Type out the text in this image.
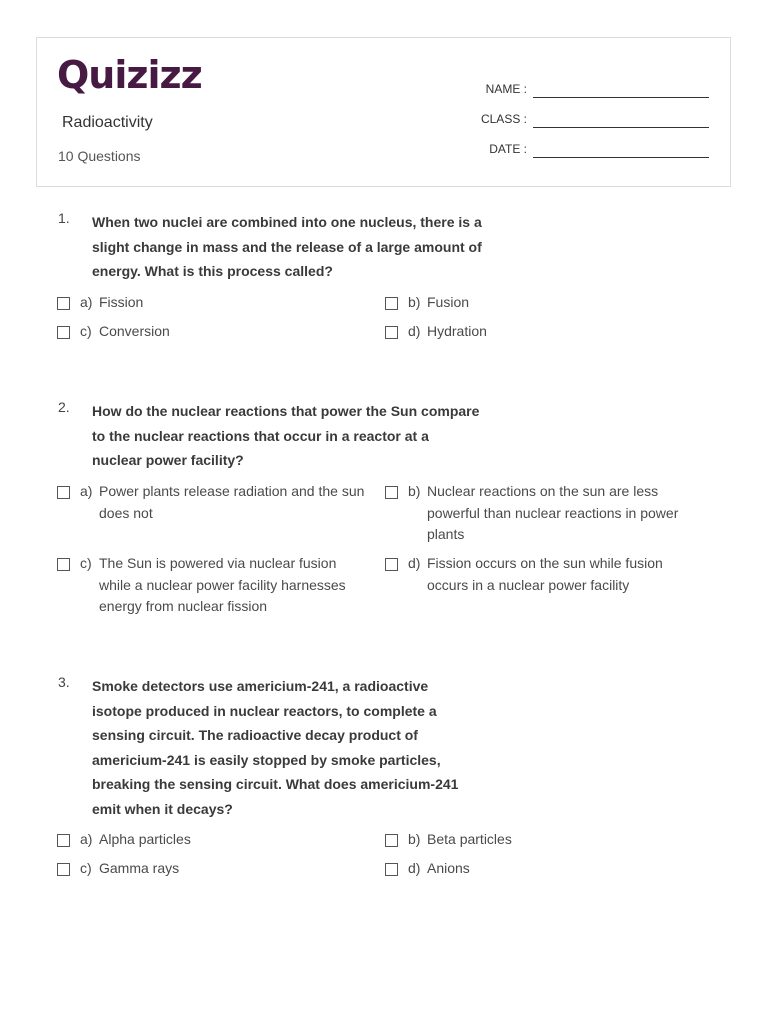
Quizizz
Radioactivity
10 Questions
NAME :
CLASS :
DATE :
1. When two nuclei are combined into one nucleus, there is a slight change in mass and the release of a large amount of energy. What is this process called?
a) Fission	b) Fusion
c) Conversion	d) Hydration
2. How do the nuclear reactions that power the Sun compare to the nuclear reactions that occur in a reactor at a nuclear power facility?
a) Power plants release radiation and the sun does not
b) Nuclear reactions on the sun are less powerful than nuclear reactions in power plants
c) The Sun is powered via nuclear fusion while a nuclear power facility harnesses energy from nuclear fission
d) Fission occurs on the sun while fusion occurs in a nuclear power facility
3. Smoke detectors use americium-241, a radioactive isotope produced in nuclear reactors, to complete a sensing circuit. The radioactive decay product of americium-241 is easily stopped by smoke particles, breaking the sensing circuit. What does americium-241 emit when it decays?
a) Alpha particles	b) Beta particles
c) Gamma rays	d) Anions
